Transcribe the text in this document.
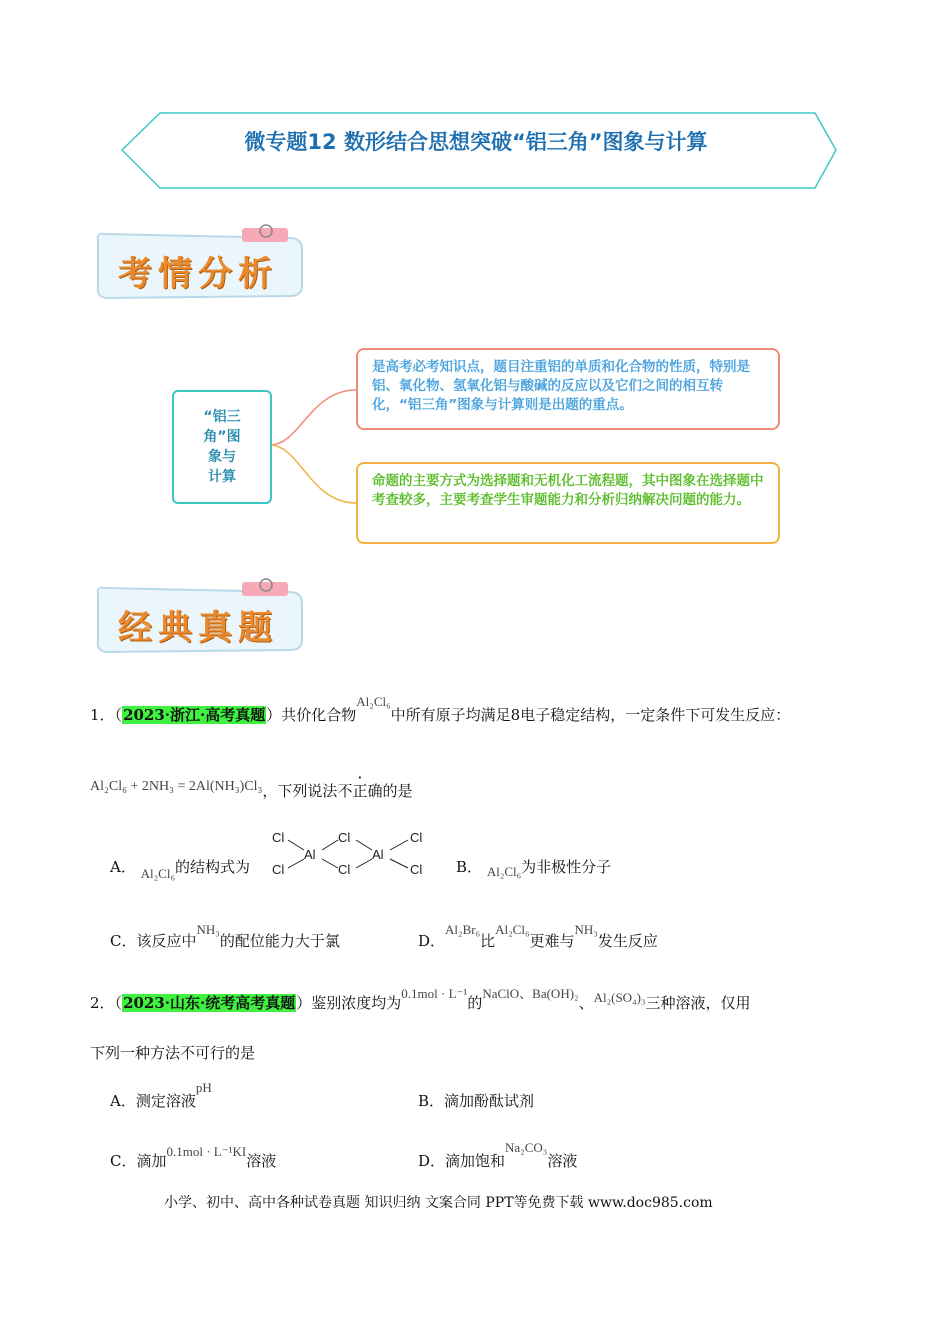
微专题12 数形结合思想突破“铝三角”图象与计算
考情分析
“铝三
角”图
象与
计算
是高考必考知识点，题目注重铝的单质和化合物的性质，特别是铝、氧化物、氢氧化铝与酸碱的反应以及它们之间的相互转化，“铝三角”图象与计算则是出题的重点。
命题的主要方式为选择题和无机化工流程题，其中图象在选择题中考查较多，主要考查学生审题能力和分析归纳解决问题的能力。
经典真题
1．（2023·浙江·高考真题）共价化合物Al₂Cl₆中所有原子均满足8电子稳定结构，一定条件下可发生反应：
Al₂Cl₆ + 2NH₃ = 2Al(NH₃)Cl₃，下列说法不正确的是
A． Al₂Cl₆的结构式为
Cl
Cl
Al
Cl
Cl
Al
Cl
Cl B． Al₂Cl₆为非极性分子
C．该反应中NH₃的配位能力大于氯	D．Al₂Br₆比Al₂Cl₆更难与NH₃发生反应
2．（2023·山东·统考高考真题）鉴别浓度均为0.1mol · L⁻¹的NaClO、Ba(OH)₂、Al₂(SO₄)₃三种溶液，仅用
下列一种方法不可行的是
A．测定溶液pH
B．滴加酚酞试剂
C．滴加0.1mol · L⁻¹KI溶液	D．滴加饱和Na₂CO₃溶液
小学、初中、高中各种试卷真题 知识归纳 文案合同 PPT等免费下载 www.doc985.com
